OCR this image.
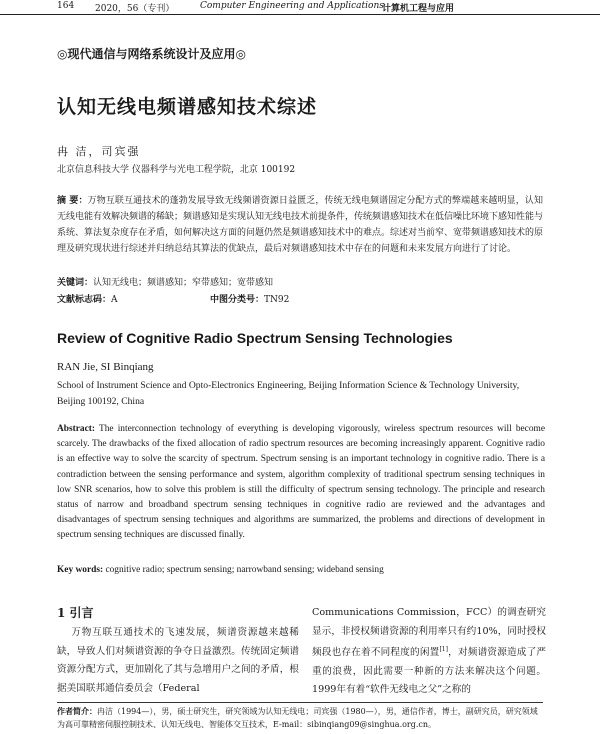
164 2020，56（专刊）	Computer Engineering and Applications
计算机工程与应用
◎现代通信与网络系统设计及应用◎
认知无线电频谱感知技术综述
冉 洁，司宾强
北京信息科技大学 仪器科学与光电工程学院，北京 100192
摘 要：万物互联互通技术的蓬勃发展导致无线频谱资源日益匮乏，传统无线电频谱固定分配方式的弊端越来越明显，认知无线电能有效解决频谱的稀缺；频谱感知是实现认知无线电技术前提条件，传统频谱感知技术在低信噪比环境下感知性能与系统、算法复杂度存在矛盾，如何解决这方面的问题仍然是频谱感知技术中的难点。综述对当前窄、宽带频谱感知技术的原理及研究现状进行综述并归纳总结其算法的优缺点，最后对频谱感知技术中存在的问题和未来发展方向进行了讨论。
关键词：认知无线电；频谱感知；窄带感知；宽带感知
文献标志码：A	中图分类号：TN92
Review of Cognitive Radio Spectrum Sensing Technologies
RAN Jie, SI Binqiang
School of Instrument Science and Opto-Electronics Engineering, Beijing Information Science & Technology University, Beijing 100192, China
Abstract: The interconnection technology of everything is developing vigorously, wireless spectrum resources will become scarcely. The drawbacks of the fixed allocation of radio spectrum resources are becoming increasingly apparent. Cognitive radio is an effective way to solve the scarcity of spectrum. Spectrum sensing is an important technology in cognitive radio. There is a contradiction between the sensing performance and system, algorithm complexity of traditional spectrum sensing techniques in low SNR scenarios, how to solve this problem is still the difficulty of spectrum sensing technology. The principle and research status of narrow and broadband spectrum sensing techniques in cognitive radio are reviewed and the advantages and disadvantages of spectrum sensing techniques and algorithms are summarized, the problems and directions of development in spectrum sensing techniques are discussed finally.
Key words: cognitive radio; spectrum sensing; narrowband sensing; wideband sensing
1 引言
万物互联互通技术的飞速发展，频谱资源越来越稀缺，导致人们对频谱资源的争夺日益激烈。传统固定频谱资源分配方式，更加剧化了其与急增用户之间的矛盾，根据美国联邦通信委员会（Federal
Communications Commission，FCC）的调查研究显示，非授权频谱资源的利用率只有约10%，同时授权频段也存在着不同程度的闲置[1]，对频谱资源造成了严重的浪费，因此需要一种新的方法来解决这个问题。1999年有着“软件无线电之父”之称的
作者简介：冉洁（1994—），男，硕士研究生，研究领域为认知无线电；司宾强（1980—），男，通信作者，博士，副研究员，研究领域为高可靠精密伺服控制技术、认知无线电、智能体交互技术，E-mail：sibinqiang09@singhua.org.cn。
